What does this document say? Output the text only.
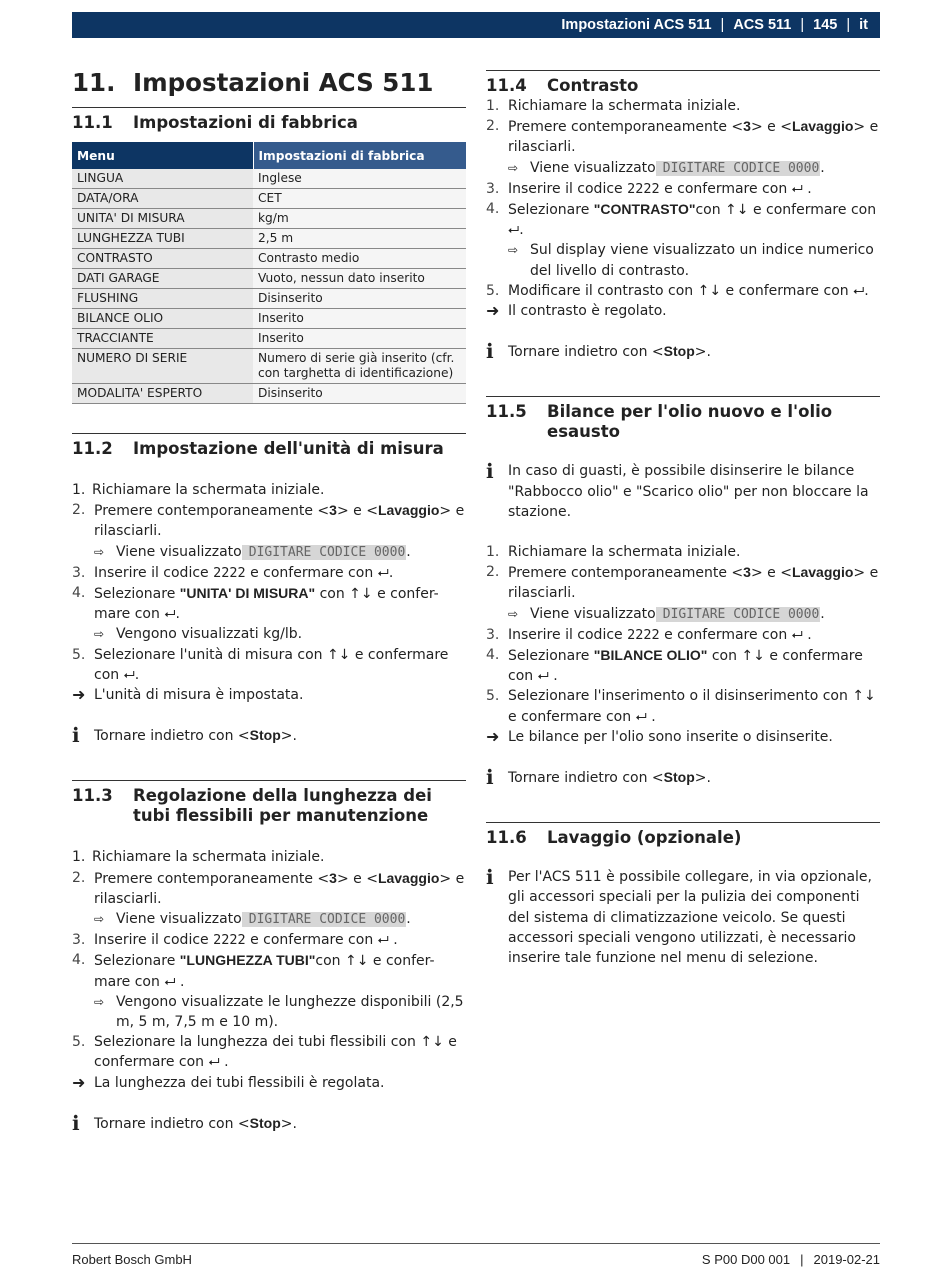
Impostazioni ACS 511 | ACS 511 | 145 | it
11. Impostazioni ACS 511
11.1	Impostazioni di fabbrica
Menu	Impostazioni di fabbrica
LINGUA	Inglese
DATA/ORA	CET
UNITA' DI MISURA	kg/m
LUNGHEZZA TUBI	2,5 m
CONTRASTO	Contrasto medio
DATI GARAGE	Vuoto, nessun dato inserito
FLUSHING	Disinserito
BILANCE OLIO	Inserito
TRACCIANTE	Inserito
NUMERO DI SERIE	Numero di serie già inserito (cfr. con targhetta di identificazione)
MODALITA' ESPERTO	Disinserito
11.2	Impostazione dell'unità di misura
1. Richiamare la schermata iniziale.
2. Premere contemporaneamente <3> e <Lavaggio> e rilasciarli.
⇨ Viene visualizzato DIGITARE CODICE 0000.
3. Inserire il codice 2222 e confermare con ⮠.
4. Selezionare "UNITA' DI MISURA" con ↑↓ e confer-mare con ⮠.
⇨ Vengono visualizzati kg/lb.
5. Selezionare l'unità di misura con ↑↓ e confermare con ⮠.
➜ L'unità di misura è impostata.
ℹ	Tornare indietro con <Stop>.
11.3	Regolazione della lunghezza dei tubi flessibili per manutenzione
1. Richiamare la schermata iniziale.
2. Premere contemporaneamente <3> e <Lavaggio> e rilasciarli.
⇨ Viene visualizzato DIGITARE CODICE 0000.
3. Inserire il codice 2222 e confermare con ⮠ .
4. Selezionare "LUNGHEZZA TUBI"con ↑↓ e confer-mare con ⮠ .
⇨ Vengono visualizzate le lunghezze disponibili (2,5 m, 5 m, 7,5 m e 10 m).
5. Selezionare la lunghezza dei tubi flessibili con ↑↓ e confermare con ⮠ .
➜ La lunghezza dei tubi flessibili è regolata.
ℹ	Tornare indietro con <Stop>.
11.4	Contrasto
1. Richiamare la schermata iniziale.
2. Premere contemporaneamente <3> e <Lavaggio> e rilasciarli.
⇨ Viene visualizzato DIGITARE CODICE 0000.
3. Inserire il codice 2222 e confermare con ⮠ .
4. Selezionare "CONTRASTO"con ↑↓ e confermare con ⮠.
⇨ Sul display viene visualizzato un indice numerico del livello di contrasto.
5. Modificare il contrasto con ↑↓ e confermare con ⮠.
➜ Il contrasto è regolato.
ℹ	Tornare indietro con <Stop>.
11.5	Bilance per l'olio nuovo e l'olio esausto
ℹ	In caso di guasti, è possibile disinserire le bilance "Rabbocco olio" e "Scarico olio" per non bloccare la stazione.
1. Richiamare la schermata iniziale.
2. Premere contemporaneamente <3> e <Lavaggio> e rilasciarli.
⇨ Viene visualizzato DIGITARE CODICE 0000.
3. Inserire il codice 2222 e confermare con ⮠ .
4. Selezionare "BILANCE OLIO" con ↑↓ e confermare con ⮠ .
5. Selezionare l'inserimento o il disinserimento con ↑↓ e confermare con ⮠ .
➜ Le bilance per l'olio sono inserite o disinserite.
ℹ	Tornare indietro con <Stop>.
11.6	Lavaggio (opzionale)
ℹ	Per l'ACS 511 è possibile collegare, in via opzionale, gli accessori speciali per la pulizia dei componenti del sistema di climatizzazione veicolo. Se questi accessori speciali vengono utilizzati, è necessario inserire tale funzione nel menu di selezione.
Robert Bosch GmbH	S P00 D00 001 | 2019-02-21
